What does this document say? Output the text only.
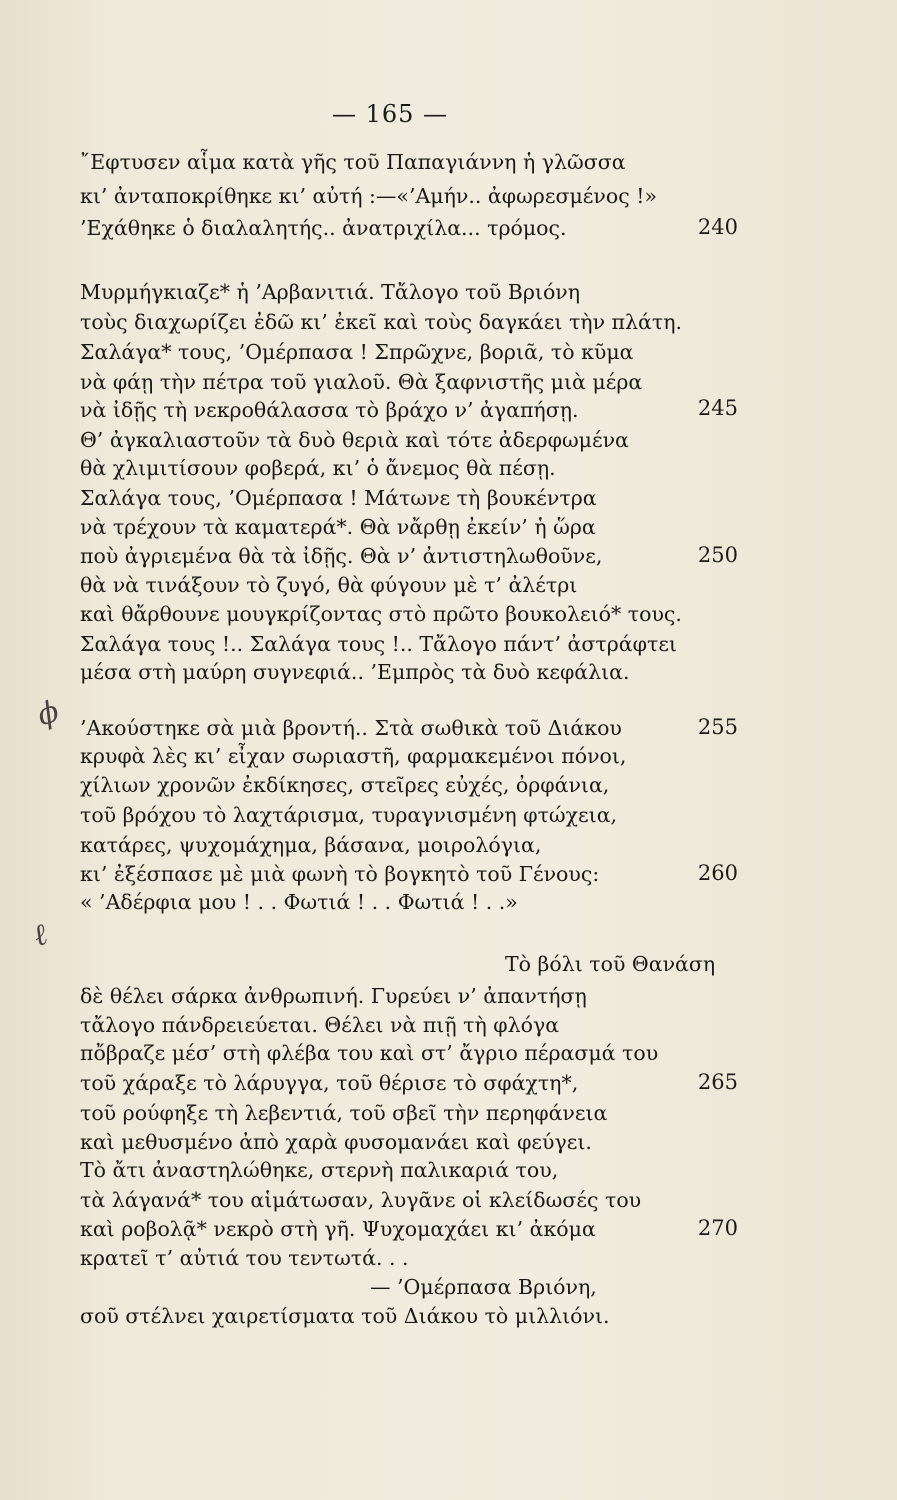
— 165 —
῎Εφτυσεν αἷμα κατὰ γῆς τοῦ Παπαγιάννη ἡ γλῶσσα
κι’ ἀνταποκρίθηκε κι’ αὐτή :—«’Αμήν.. ἀφωρεσμένος !»
’Εχάθηκε ὁ διαλαλητής.. ἀνατριχίλα... τρόμος.	240
Μυρμήγκιαζε* ἡ ’Αρβανιτιά. Τἄλογο τοῦ Βριόνη
τοὺς διαχωρίζει ἐδῶ κι’ ἐκεῖ καὶ τοὺς δαγκάει τὴν πλάτη.
Σαλάγα* τους, ’Ομέρπασα ! Σπρῶχνε, βοριᾶ, τὸ κῦμα
νὰ φάῃ τὴν πέτρα τοῦ γιαλοῦ. Θὰ ξαφνιστῆς μιὰ μέρα
νὰ ἰδῇς τὴ νεκροθάλασσα τὸ βράχο ν’ ἀγαπήσῃ.	245
Θ’ ἀγκαλιαστοῦν τὰ δυὸ θεριὰ καὶ τότε ἀδερφωμένα
θὰ χλιμιτίσουν φοβερά, κι’ ὁ ἄνεμος θὰ πέσῃ.
Σαλάγα τους, ’Ομέρπασα ! Μάτωνε τὴ βουκέντρα
νὰ τρέχουν τὰ καματερά*. Θὰ νἄρθῃ ἐκείν’ ἡ ὥρα
ποὺ ἀγριεμένα θὰ τὰ ἰδῇς. Θὰ ν’ ἀντιστηλωθοῦνε,	250
θὰ νὰ τινάξουν τὸ ζυγό, θὰ φύγουν μὲ τ’ ἀλέτρι
καὶ θἄρθουνε μουγκρίζοντας στὸ πρῶτο βουκολειό* τους.
Σαλάγα τους !.. Σαλάγα τους !.. Τἄλογο πάντ’ ἀστράφτει
μέσα στὴ μαύρη συγνεφιά.. ’Εμπρὸς τὰ δυὸ κεφάλια.
ϕ ’Ακούστηκε σὰ μιὰ βροντή.. Στὰ σωθικὰ τοῦ Διάκου	255
κρυφὰ λὲς κι’ εἶχαν σωριαστῆ, φαρμακεμένοι πόνοι,
χίλιων χρονῶν ἐκδίκησες, στεῖρες εὐχές, ὀρφάνια,
τοῦ βρόχου τὸ λαχτάρισμα, τυραγνισμένη φτώχεια,
κατάρες, ψυχομάχημα, βάσανα, μοιρολόγια,
κι’ ἐξέσπασε μὲ μιὰ φωνὴ τὸ βογκητὸ τοῦ Γένους:	260
« ’Αδέρφια μου ! . . Φωτιά ! . . Φωτιά ! . .»
ℓ
Τὸ βόλι τοῦ Θανάση
δὲ θέλει σάρκα ἀνθρωπινή. Γυρεύει ν’ ἀπαντήσῃ
τἄλογο πάνδρειεύεται. Θέλει νὰ πιῇ τὴ φλόγα
πὄβραζε μέσ’ στὴ φλέβα του καὶ στ’ ἄγριο πέρασμά του
τοῦ χάραξε τὸ λάρυγγα, τοῦ θέρισε τὸ σφάχτη*,	265
τοῦ ρούφηξε τὴ λεβεντιά, τοῦ σβεῖ τὴν περηφάνεια
καὶ μεθυσμένο ἀπὸ χαρὰ φυσομανάει καὶ φεύγει.
Τὸ ἄτι ἀναστηλώθηκε, στερνὴ παλικαριά του,
τὰ λάγανά* του αἱμάτωσαν, λυγᾶνε οἱ κλείδωσές του
καὶ ροβολᾷ* νεκρὸ στὴ γῆ. Ψυχομαχάει κι’ ἀκόμα	270
κρατεῖ τ’ αὐτιά του τεντωτά. . .
— ’Ομέρπασα Βριόνη,
σοῦ στέλνει χαιρετίσματα τοῦ Διάκου τὸ μιλλιόνι.
